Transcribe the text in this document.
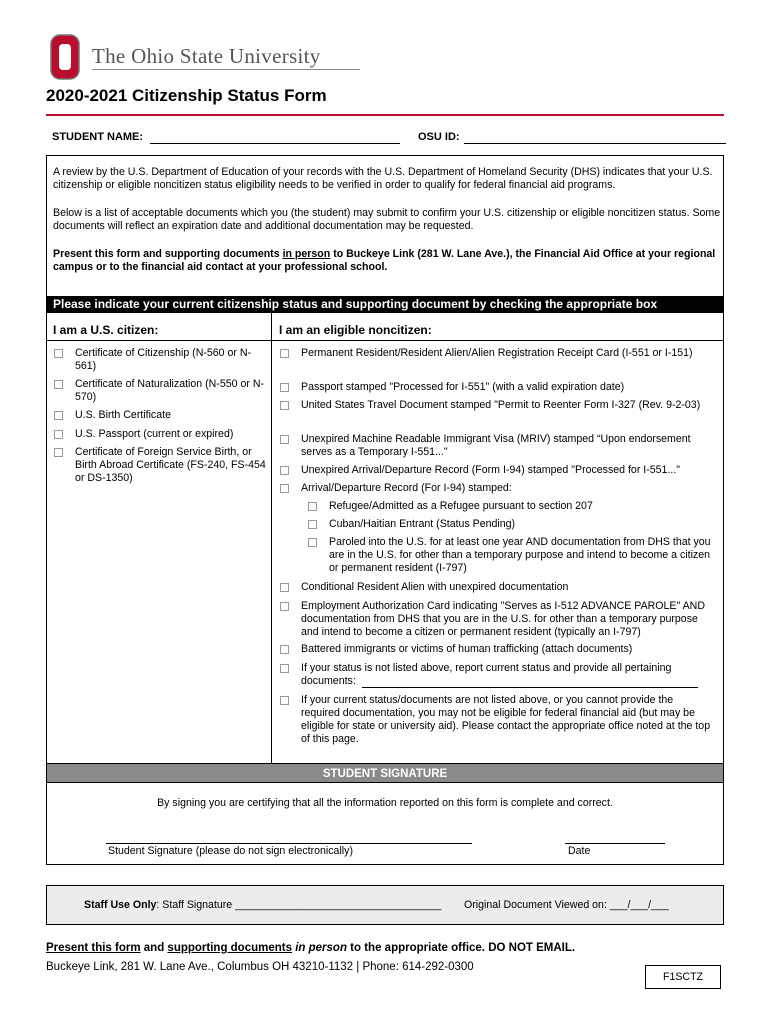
The Ohio State University
2020-2021 Citizenship Status Form
STUDENT NAME:	OSU ID:
A review by the U.S. Department of Education of your records with the U.S. Department of Homeland Security (DHS) indicates that your U.S. citizenship or eligible noncitizen status eligibility needs to be verified in order to qualify for federal financial aid programs.
Below is a list of acceptable documents which you (the student) may submit to confirm your U.S. citizenship or eligible noncitizen status. Some documents will reflect an expiration date and additional documentation may be requested.
Present this form and supporting documents in person to Buckeye Link (281 W. Lane Ave.), the Financial Aid Office at your regional campus or to the financial aid contact at your professional school.
Please indicate your current citizenship status and supporting document by checking the appropriate box
I am a U.S. citizen:	I am an eligible noncitizen:
Certificate of Citizenship (N-560 or N-561)
Certificate of Naturalization (N-550 or N-570)
U.S. Birth Certificate
U.S. Passport (current or expired)
Certificate of Foreign Service Birth, or Birth Abroad Certificate (FS-240, FS-454 or DS-1350)
Permanent Resident/Resident Alien/Alien Registration Receipt Card (I-551 or I-151)
Passport stamped "Processed for I-551" (with a valid expiration date)
United States Travel Document stamped "Permit to Reenter Form I-327 (Rev. 9-2-03)
Unexpired Machine Readable Immigrant Visa (MRIV) stamped “Upon endorsement serves as a Temporary I-551..."
Unexpired Arrival/Departure Record (Form I-94) stamped "Processed for I-551..."
Arrival/Departure Record (For I-94) stamped:
Refugee/Admitted as a Refugee pursuant to section 207
Cuban/Haitian Entrant (Status Pending)
Paroled into the U.S. for at least one year AND documentation from DHS that you are in the U.S. for other than a temporary purpose and intend to become a citizen or permanent resident (I-797)
Conditional Resident Alien with unexpired documentation
Employment Authorization Card indicating "Serves as I-512 ADVANCE PAROLE" AND documentation from DHS that you are in the U.S. for other than a temporary purpose and intend to become a citizen or permanent resident (typically an I-797)
Battered immigrants or victims of human trafficking (attach documents)
If your status is not listed above, report current status and provide all pertaining documents:
If your current status/documents are not listed above, or you cannot provide the required documentation, you may not be eligible for federal financial aid (but may be eligible for state or university aid). Please contact the appropriate office noted at the top of this page.
STUDENT SIGNATURE
By signing you are certifying that all the information reported on this form is complete and correct.
Student Signature (please do not sign electronically)	Date
Staff Use Only: Staff Signature ___________________________________ Original Document Viewed on: ___/___/___
Present this form and supporting documents in person to the appropriate office. DO NOT EMAIL.
Buckeye Link, 281 W. Lane Ave., Columbus OH 43210-1132 | Phone: 614-292-0300
F1SCTZ
